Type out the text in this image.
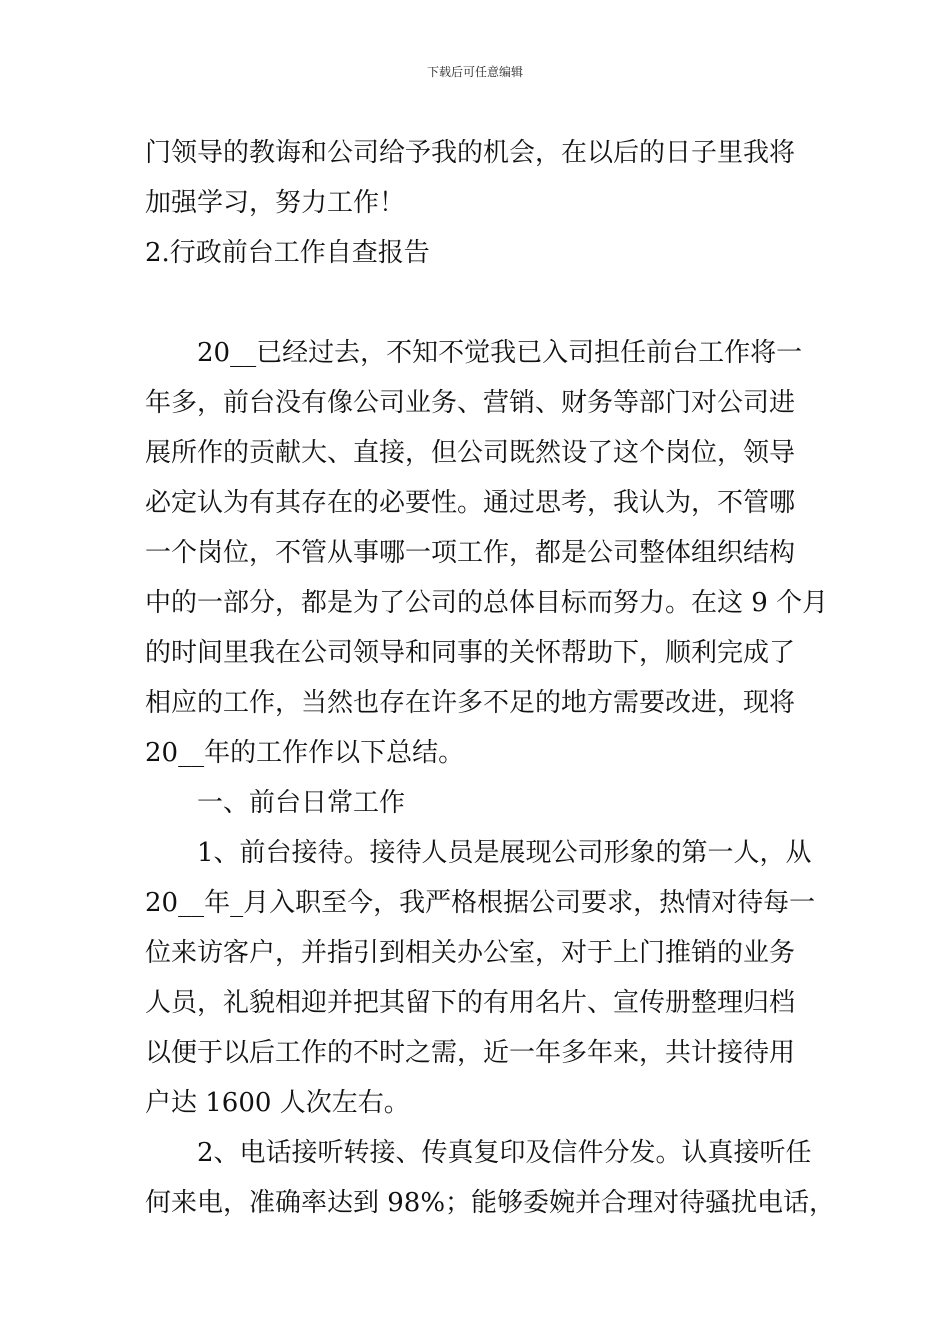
下载后可任意编辑
门领导的教诲和公司给予我的机会，在以后的日子里我将
加强学习，努力工作！
2.行政前台工作自查报告
20__已经过去，不知不觉我已入司担任前台工作将一
年多，前台没有像公司业务、营销、财务等部门对公司进
展所作的贡献大、直接，但公司既然设了这个岗位，领导
必定认为有其存在的必要性。通过思考，我认为，不管哪
一个岗位，不管从事哪一项工作，都是公司整体组织结构
中的一部分，都是为了公司的总体目标而努力。在这 9 个月
的时间里我在公司领导和同事的关怀帮助下，顺利完成了
相应的工作，当然也存在许多不足的地方需要改进，现将
20__年的工作作以下总结。
一、前台日常工作
1、前台接待。接待人员是展现公司形象的第一人，从
20__年_月入职至今，我严格根据公司要求，热情对待每一
位来访客户，并指引到相关办公室，对于上门推销的业务
人员，礼貌相迎并把其留下的有用名片、宣传册整理归档
以便于以后工作的不时之需，近一年多年来，共计接待用
户达 1600 人次左右。
2、电话接听转接、传真复印及信件分发。认真接听任
何来电，准确率达到 98%；能够委婉并合理对待骚扰电话，
